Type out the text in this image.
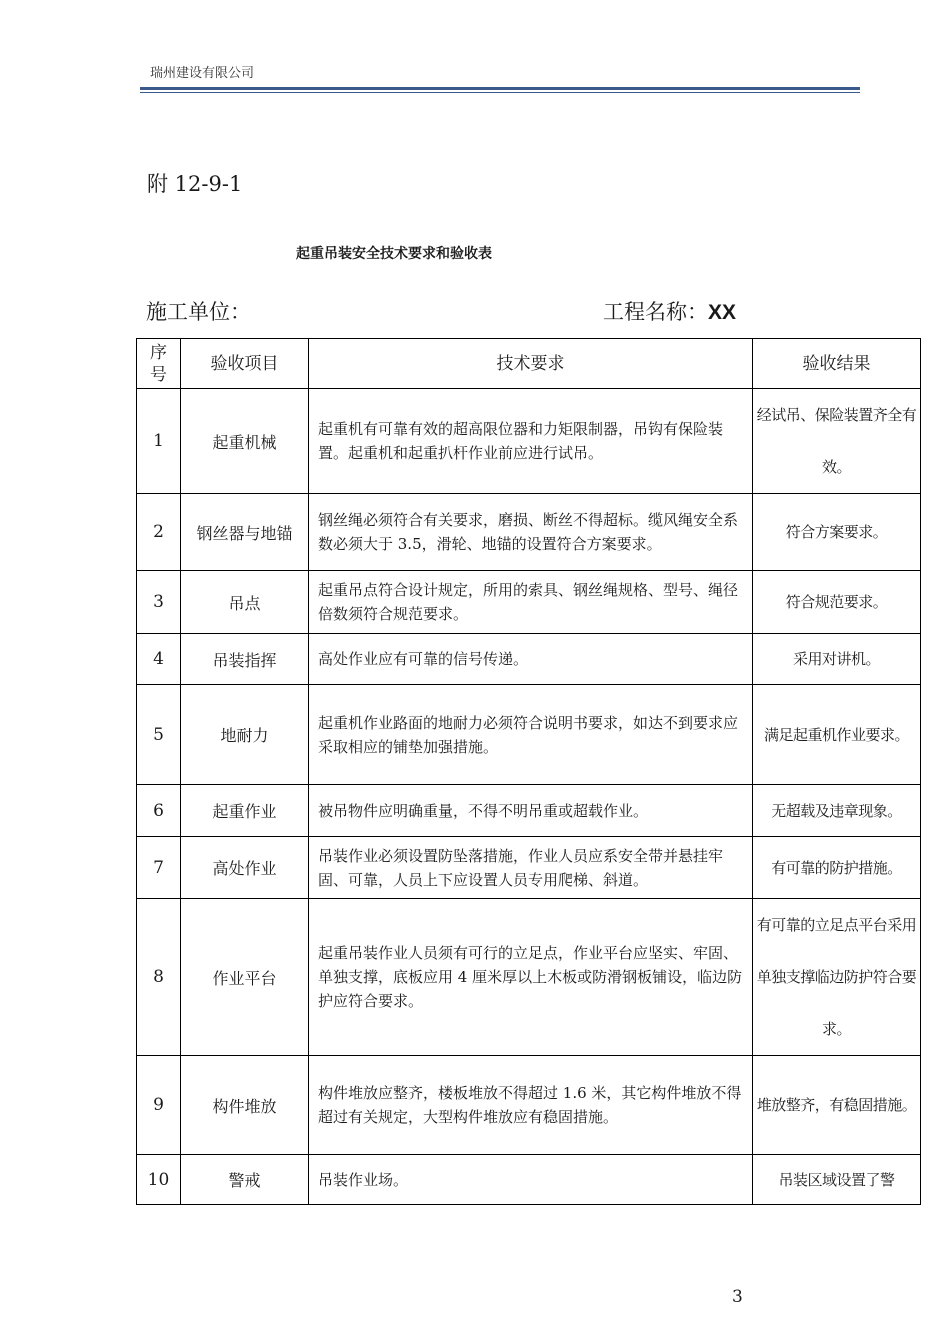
瑞州建设有限公司
附 12-9-1
起重吊装安全技术要求和验收表
施工单位：	工程名称：XX
序号	验收项目	技术要求	验收结果
1	起重机械	起重机有可靠有效的超高限位器和力矩限制器，吊钩有保险装置。起重机和起重扒杆作业前应进行试吊。	经试吊、保险装置齐全有效。
2	钢丝器与地锚	钢丝绳必须符合有关要求，磨损、断丝不得超标。缆风绳安全系数必须大于 3.5，滑轮、地锚的设置符合方案要求。	符合方案要求。
3	吊点	起重吊点符合设计规定，所用的索具、钢丝绳规格、型号、绳径倍数须符合规范要求。	符合规范要求。
4	吊装指挥	高处作业应有可靠的信号传递。	采用对讲机。
5	地耐力	起重机作业路面的地耐力必须符合说明书要求，如达不到要求应采取相应的铺垫加强措施。	满足起重机作业要求。
6	起重作业	被吊物件应明确重量，不得不明吊重或超载作业。	无超载及违章现象。
7	高处作业	吊装作业必须设置防坠落措施，作业人员应系安全带并悬挂牢固、可靠，人员上下应设置人员专用爬梯、斜道。	有可靠的防护措施。
8	作业平台	起重吊装作业人员须有可行的立足点，作业平台应坚实、牢固、单独支撑，底板应用 4 厘米厚以上木板或防滑钢板铺设，临边防护应符合要求。	有可靠的立足点平台采用单独支撑临边防护符合要求。
9	构件堆放	构件堆放应整齐，楼板堆放不得超过 1.6 米，其它构件堆放不得超过有关规定，大型构件堆放应有稳固措施。	堆放整齐，有稳固措施。
10	警戒	吊装作业场。	吊装区域设置了警
3
